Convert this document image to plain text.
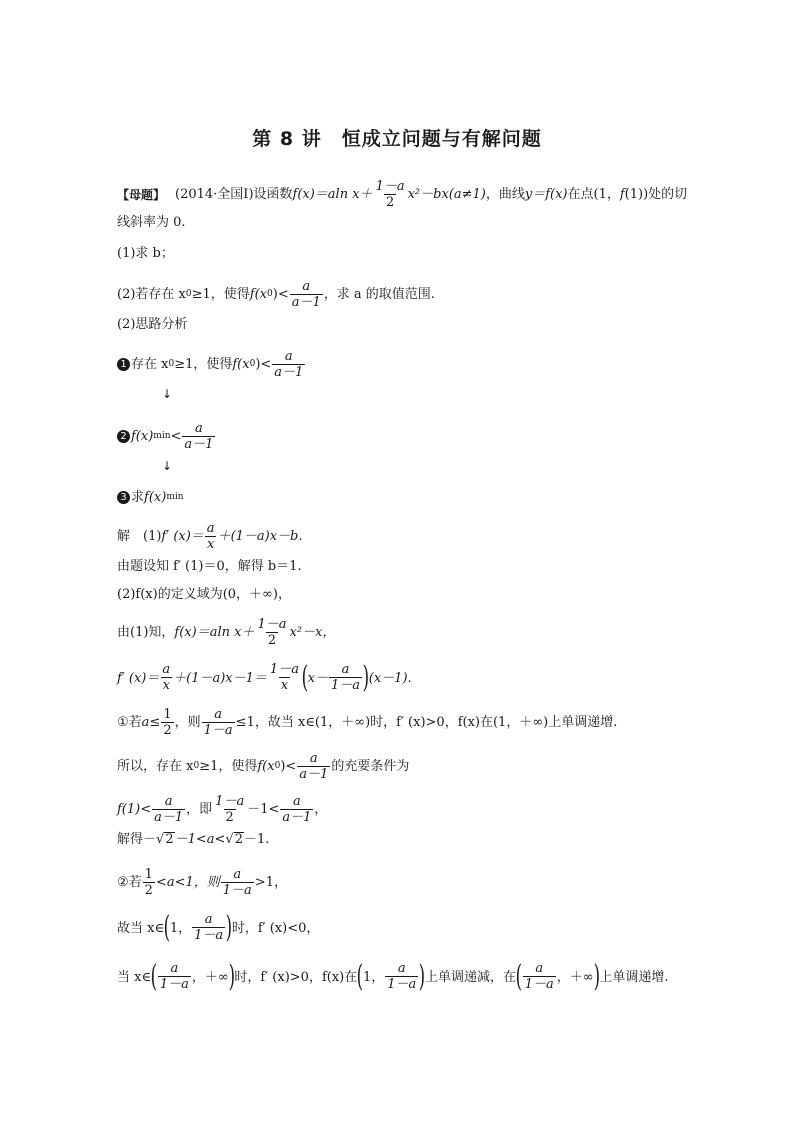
第 8 讲　恒成立问题与有解问题
【母题】 (2014·全国Ⅰ)设函数 f(x)＝aln $x+ \frac{1-a}{2} x^2-bx(a\ne 1)$ ，曲线 y＝f(x) 在点(1， f (1))处的切
线斜率为 0.
(1)求 b；
(2)若存在 x 0 ≥1，使得 f(x 0 )< $\frac{a}{a-1}$ ，求 a 的取值范围.
(2)思路分析
1 存在 x 0 ≥1，使得 f(x 0 )< $\frac{a}{a-1}$
↓
2 f(x) $\min < \frac{a}{a-1}$
↓
3 求 f(x) min
解　(1) f′ $(x)= \frac{a}{x} +(1-a)x-b$.
由题设知 f′ (1)＝0，解得 b＝1.
(2)f(x)的定义域为(0，＋∞)，
由(1)知， f(x)＝aln $x+ \frac{1-a}{2} x^2-x$，
f′ $(x)= \frac{a}{x} +(1-a)x-1= \frac{1-a}{x}$ ( $x- \frac{a}{1-a}$ ) (x－1).
① 若 $a \le \frac{1}{2}$ ，则 $\frac{a}{1-a} \le 1$，故当 x∈(1，＋∞)时，f′ (x)>0，f(x)在(1，＋∞)上单调递增.
所以，存在 x 0 ≥1，使得 f(x 0 )< $\frac{a}{a-1}$ 的充要条件为
$f(1)< \frac{a}{a-1}$ ，即 $\frac{1-a}{2} -1< \frac{a}{a-1}$ ，
解得－ √ 2 －1<a< √ 2 －1.
② 若 $\frac{1}{2} <a<1$，则 $\frac{a}{1-a} >1$，
故当 x∈ ( 1， $\frac{a}{1-a}$ ) 时，f′ (x)<0，
当 x∈ ( $\frac{a}{1-a}$ ，＋∞ ) 时，f′ (x)>0，f(x)在 ( 1， $\frac{a}{1-a}$ ) 上单调递减，在 ( $\frac{a}{1-a}$ ，＋∞ ) 上单调递增.
